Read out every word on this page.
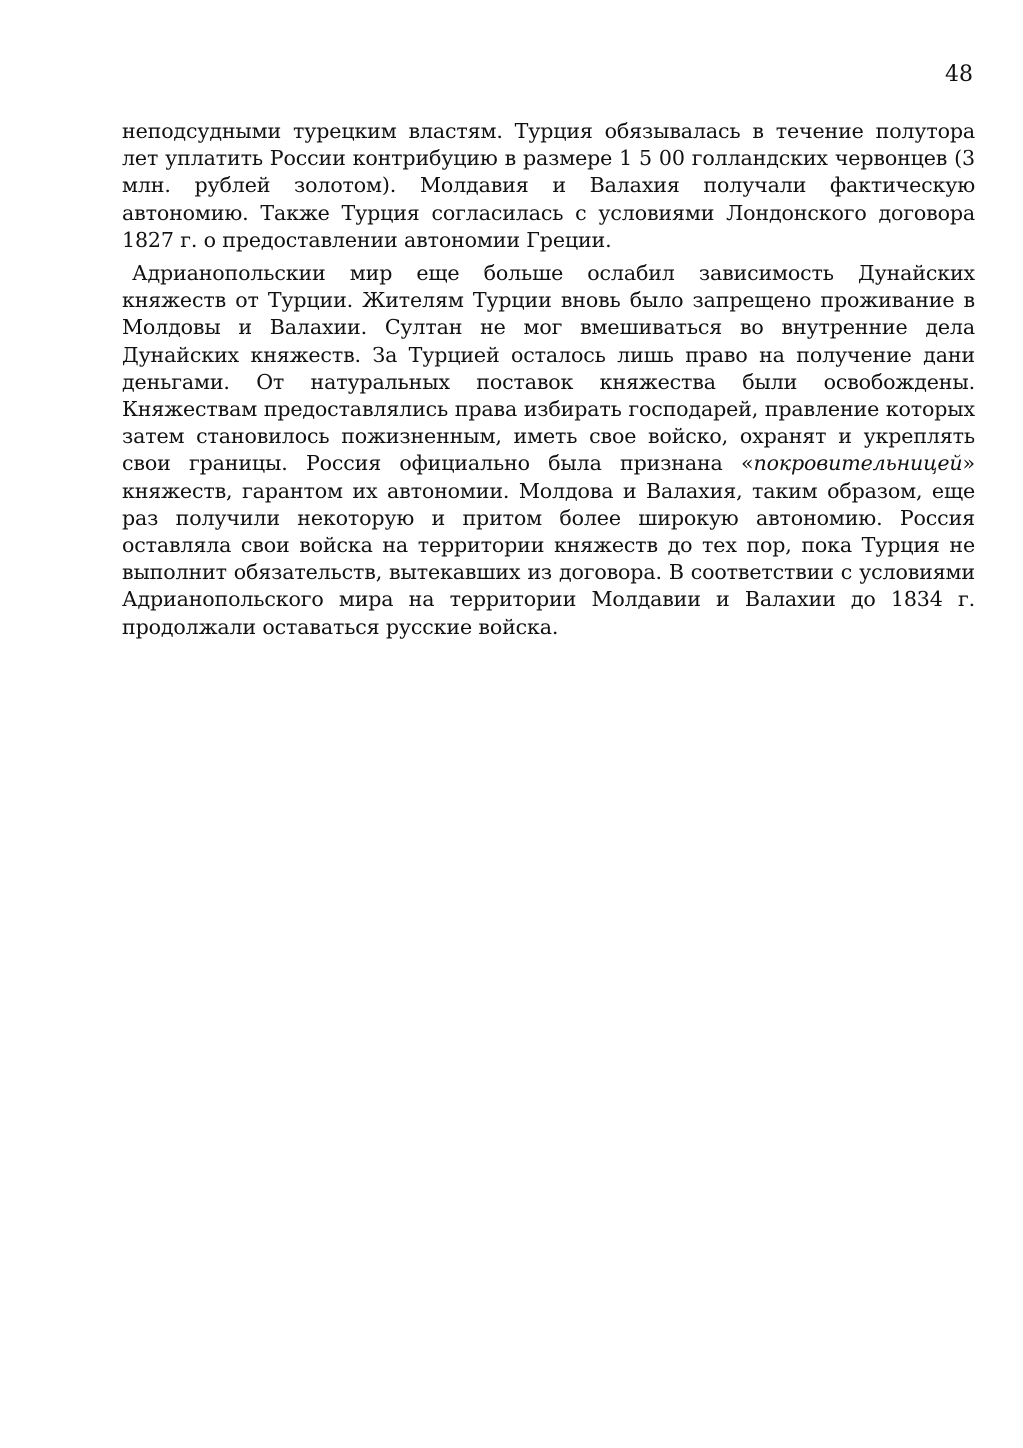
48

неподсудными турецким властям. Турция обязывалась в течение полутора лет уплатить России контрибуцию в размере 1 5 00 голландских червонцев (3 млн. рублей золотом). Молдавия и Валахия получали фактическую автономию. Также Турция согласилась с условиями Лондонского договора 1827 г. о предоставлении автономии Греции.

Адрианопольскии мир еще больше ослабил зависимость Дунайских княжеств от Турции. Жителям Турции вновь было запрещено проживание в Молдовы и Валахии. Султан не мог вмешиваться во внутренние дела Дунайских княжеств. За Турцией осталось лишь право на получение дани деньгами. От натуральных поставок княжества были освобождены. Княжествам предоставлялись права избирать господарей, правление которых затем становилось пожизненным, иметь свое войско, охранят и укреплять свои границы. Россия официально была признана «покровительницей» княжеств, гарантом их автономии. Молдова и Валахия, таким образом, еще раз получили некоторую и притом более широкую автономию. Россия оставляла свои войска на территории княжеств до тех пор, пока Турция не выполнит обязательств, вытекавших из договора. В соответствии с условиями Адрианопольского мира на территории Молдавии и Валахии до 1834 г. продолжали оставаться русские войска.
